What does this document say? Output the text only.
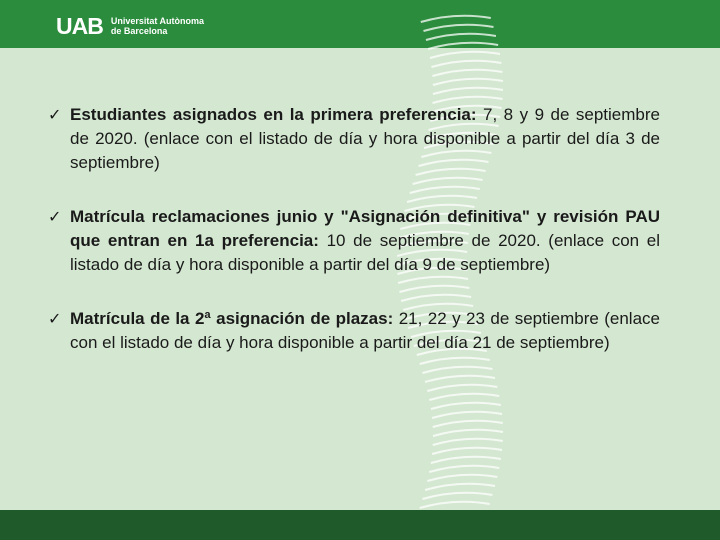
UAB Universitat Autònoma
de Barcelona
✓ Estudiantes asignados en la primera preferencia: 7, 8 y 9 de septiembre de 2020. (enlace con el listado de día y hora disponible a partir del día 3 de septiembre)
✓ Matrícula reclamaciones junio y "Asignación definitiva" y revisión PAU que entran en 1a preferencia: 10 de septiembre de 2020. (enlace con el listado de día y hora disponible a partir del día 9 de septiembre)
✓ Matrícula de la 2ª asignación de plazas: 21, 22 y 23 de septiembre (enlace con el listado de día y hora disponible a partir del día 21 de septiembre)
